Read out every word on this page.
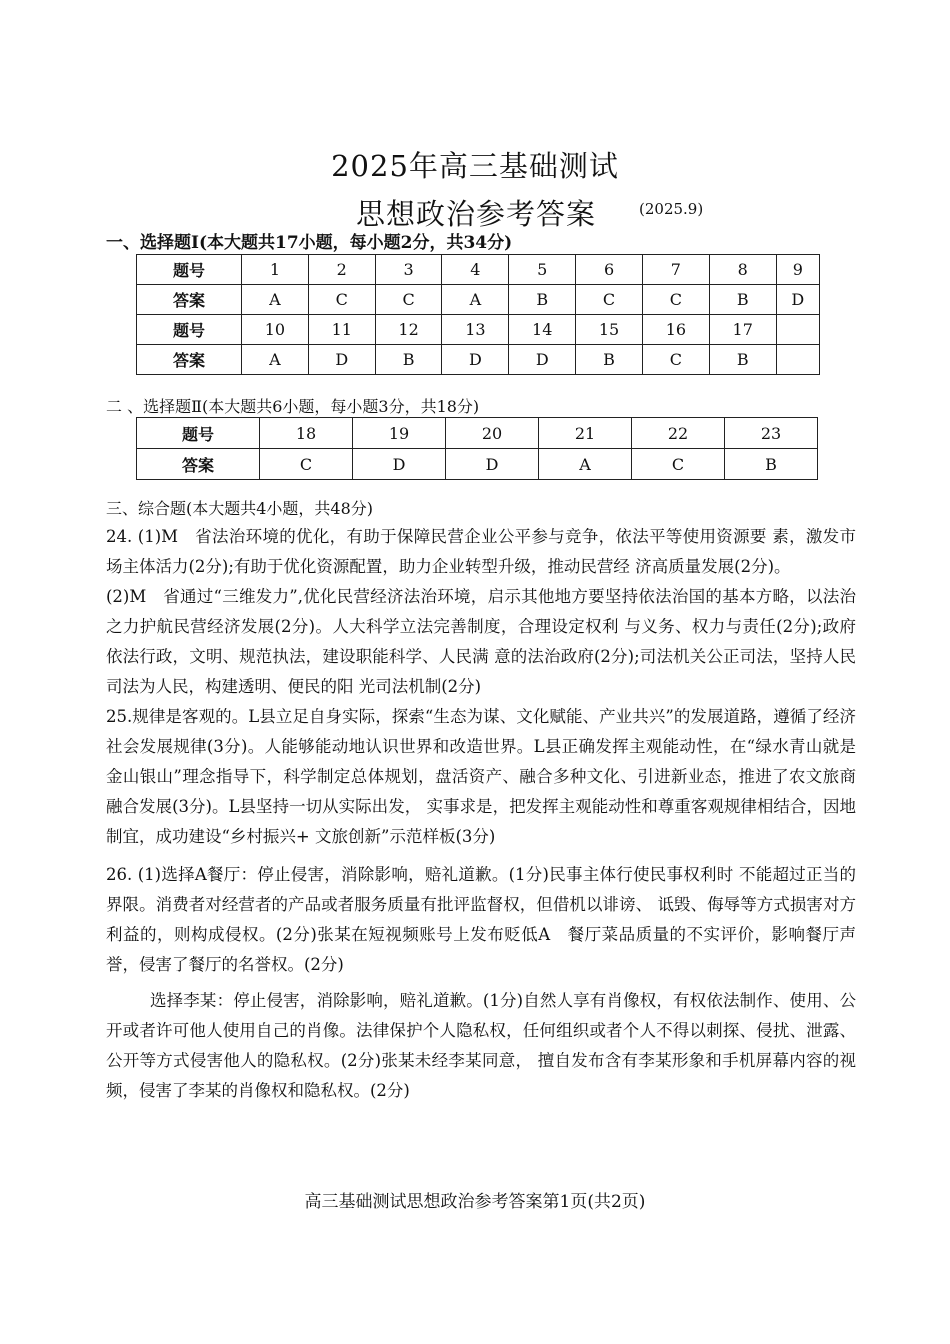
2025年高三基础测试
思想政治参考答案	(2025.9)
一、选择题Ⅰ(本大题共17小题，每小题2分，共34分)
题号	1	2	3	4	5	6	7	8	9
答案	A	C	C	A	B	C	C	B	D
题号	10	11	12	13	14	15	16	17	
答案	A	D	B	D	D	B	C	B	
二 、选择题Ⅱ(本大题共6小题，每小题3分，共18分)
题号	18	19	20	21	22	23
答案	C	D	D	A	C	B
三、综合题(本大题共4小题，共48分)

24. (1)M　省法治环境的优化，有助于保障民营企业公平参与竞争，依法平等使用资源要 素，激发市场主体活力(2分);有助于优化资源配置，助力企业转型升级，推动民营经 济高质量发展(2分)。

(2)M　省通过“三维发力”,优化民营经济法治环境，启示其他地方要坚持依法治国的基本方略，以法治之力护航民营经济发展(2分)。人大科学立法完善制度，合理设定权利 与义务、权力与责任(2分);政府依法行政，文明、规范执法，建设职能科学、人民满 意的法治政府(2分);司法机关公正司法，坚持人民司法为人民，构建透明、便民的阳 光司法机制(2分)

25.规律是客观的。L县立足自身实际，探索“生态为谋、文化赋能、产业共兴”的发展道路，遵循了经济社会发展规律(3分)。人能够能动地认识世界和改造世界。L县正确发挥主观能动性，在“绿水青山就是金山银山”理念指导下，科学制定总体规划，盘活资产、融合多种文化、引进新业态，推进了农文旅商融合发展(3分)。L县坚持一切从实际出发， 实事求是，把发挥主观能动性和尊重客观规律相结合，因地制宜，成功建设“乡村振兴+ 文旅创新”示范样板(3分)

26. (1)选择A餐厅：停止侵害，消除影响，赔礼道歉。(1分)民事主体行使民事权利时 不能超过正当的界限。消费者对经营者的产品或者服务质量有批评监督权，但借机以诽谤、 诋毁、侮辱等方式损害对方利益的，则构成侵权。(2分)张某在短视频账号上发布贬低A　餐厅菜品质量的不实评价，影响餐厅声誉，侵害了餐厅的名誉权。(2分)

选择李某：停止侵害，消除影响，赔礼道歉。(1分)自然人享有肖像权，有权依法制作、使用、公开或者许可他人使用自己的肖像。法律保护个人隐私权，任何组织或者个人不得以刺探、侵扰、泄露、公开等方式侵害他人的隐私权。(2分)张某未经李某同意， 擅自发布含有李某形象和手机屏幕内容的视频，侵害了李某的肖像权和隐私权。(2分)

高三基础测试思想政治参考答案第1页(共2页)
